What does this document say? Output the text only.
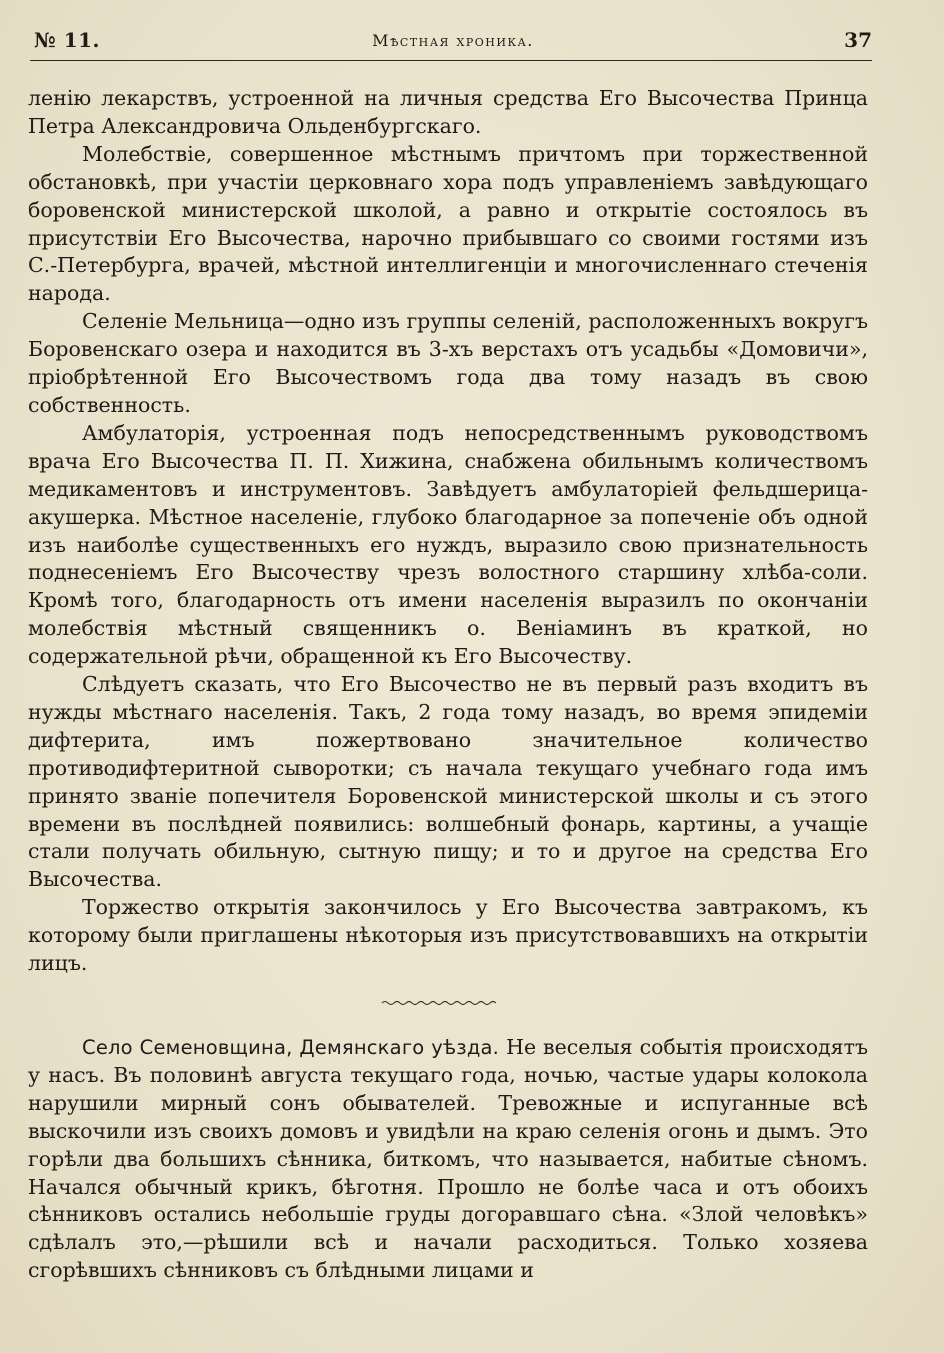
№ 11.	Мѣстная хроника.	37

ленію лекарствъ, устроенной на личныя средства Его Высочества Принца Петра Александровича Ольденбургскаго.

Молебствіе, совершенное мѣстнымъ причтомъ при торжественной обстановкѣ, при участіи церковнаго хора подъ управленіемъ завѣдующаго боровенской министерской школой, а равно и открытіе состоялось въ присутствіи Его Высочества, нарочно прибывшаго со своими гостями изъ С.-Петербурга, врачей, мѣстной интеллигенціи и многочисленнаго стеченія народа.

Селеніе Мельница—одно изъ группы селеній, расположенныхъ вокругъ Боровенскаго озера и находится въ 3-хъ верстахъ отъ усадьбы «Домовичи», пріобрѣтенной Его Высочествомъ года два тому назадъ въ свою собственность.

Амбулаторія, устроенная подъ непосредственнымъ руководствомъ врача Его Высочества П. П. Хижина, снабжена обильнымъ количествомъ медикаментовъ и инструментовъ. Завѣдуетъ амбулаторіей фельдшерица-акушерка. Мѣстное населеніе, глубоко благодарное за попеченіе объ одной изъ наиболѣе существенныхъ его нуждъ, выразило свою признательность поднесеніемъ Его Высочеству чрезъ волостного старшину хлѣба-соли. Кромѣ того, благодарность отъ имени населенія выразилъ по окончаніи молебствія мѣстный священникъ о. Веніаминъ въ краткой, но содержательной рѣчи, обращенной къ Его Высочеству.

Слѣдуетъ сказать, что Его Высочество не въ первый разъ входитъ въ нужды мѣстнаго населенія. Такъ, 2 года тому назадъ, во время эпидеміи дифтерита, имъ пожертвовано значительное количество противодифтеритной сыворотки; съ начала текущаго учебнаго года имъ принято званіе попечителя Боровенской министерской школы и съ этого времени въ послѣдней появились: волшебный фонарь, картины, а учащіе стали получать обильную, сытную пищу; и то и другое на средства Его Высочества.

Торжество открытія закончилось у Его Высочества завтракомъ, къ которому были приглашены нѣкоторыя изъ присутствовавшихъ на открытіи лицъ.

Село Семеновщина, Демянскаго уѣзда. Не веселыя событія происходятъ у насъ. Въ половинѣ августа текущаго года, ночью, частые удары колокола нарушили мирный сонъ обывателей. Тревожные и испуганные всѣ выскочили изъ своихъ домовъ и увидѣли на краю селенія огонь и дымъ. Это горѣли два большихъ сѣнника, биткомъ, что называется, набитые сѣномъ. Начался обычный крикъ, бѣготня. Прошло не болѣе часа и отъ обоихъ сѣнниковъ остались небольшіе груды догоравшаго сѣна. «Злой человѣкъ» сдѣлалъ это,—рѣшили всѣ и начали расходиться. Только хозяева сгорѣвшихъ сѣнниковъ съ блѣдными лицами и
